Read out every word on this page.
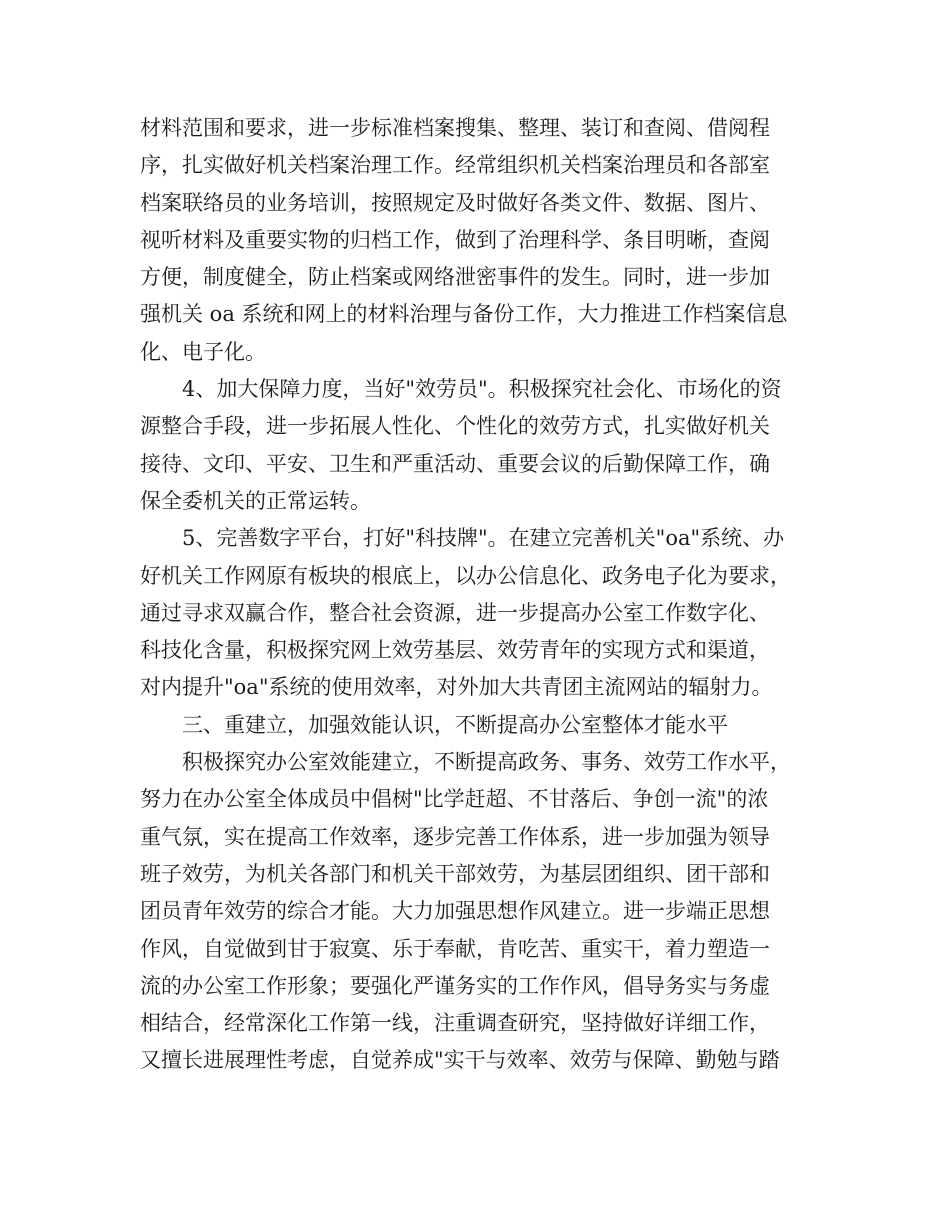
材料范围和要求，进一步标准档案搜集、整理、装订和查阅、借阅程
序，扎实做好机关档案治理工作。经常组织机关档案治理员和各部室
档案联络员的业务培训，按照规定及时做好各类文件、数据、图片、
视听材料及重要实物的归档工作，做到了治理科学、条目明晰，查阅
方便，制度健全，防止档案或网络泄密事件的发生。同时，进一步加
强机关 oa 系统和网上的材料治理与备份工作，大力推进工作档案信息
化、电子化。
4、加大保障力度，当好"效劳员"。积极探究社会化、市场化的资
源整合手段，进一步拓展人性化、个性化的效劳方式，扎实做好机关
接待、文印、平安、卫生和严重活动、重要会议的后勤保障工作，确
保全委机关的正常运转。
5、完善数字平台，打好"科技牌"。在建立完善机关"oa"系统、办
好机关工作网原有板块的根底上，以办公信息化、政务电子化为要求，
通过寻求双赢合作，整合社会资源，进一步提高办公室工作数字化、
科技化含量，积极探究网上效劳基层、效劳青年的实现方式和渠道，
对内提升"oa"系统的使用效率，对外加大共青团主流网站的辐射力。
三、重建立，加强效能认识，不断提高办公室整体才能水平
积极探究办公室效能建立，不断提高政务、事务、效劳工作水平，
努力在办公室全体成员中倡树"比学赶超、不甘落后、争创一流"的浓
重气氛，实在提高工作效率，逐步完善工作体系，进一步加强为领导
班子效劳，为机关各部门和机关干部效劳，为基层团组织、团干部和
团员青年效劳的综合才能。大力加强思想作风建立。进一步端正思想
作风，自觉做到甘于寂寞、乐于奉献，肯吃苦、重实干，着力塑造一
流的办公室工作形象；要强化严谨务实的工作作风，倡导务实与务虚
相结合，经常深化工作第一线，注重调查研究，坚持做好详细工作，
又擅长进展理性考虑，自觉养成"实干与效率、效劳与保障、勤勉与踏
